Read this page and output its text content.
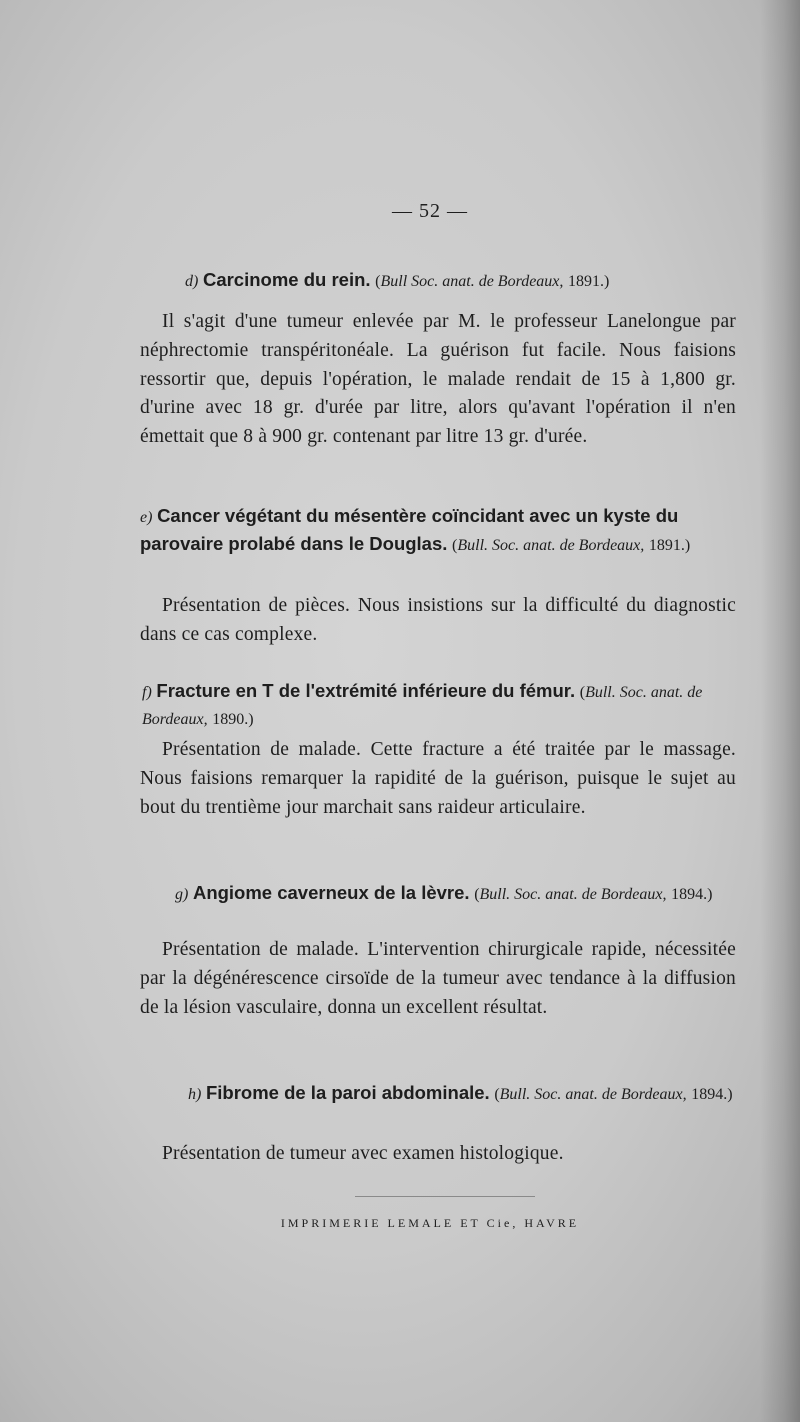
— 52 —
d) Carcinome du rein. (Bull Soc. anat. de Bordeaux, 1891.)
Il s'agit d'une tumeur enlevée par M. le professeur Lanelongue par néphrectomie transpéritonéale. La guérison fut facile. Nous faisions ressortir que, depuis l'opération, le malade rendait de 15 à 1,800 gr. d'urine avec 18 gr. d'urée par litre, alors qu'avant l'opération il n'en émettait que 8 à 900 gr. contenant par litre 13 gr. d'urée.
e) Cancer végétant du mésentère coïncidant avec un kyste du parovaire prolabé dans le Douglas. (Bull. Soc. anat. de Bordeaux, 1891.)
Présentation de pièces. Nous insistions sur la difficulté du diagnostic dans ce cas complexe.
f) Fracture en T de l'extrémité inférieure du fémur. (Bull. Soc. anat. de Bordeaux, 1890.)
Présentation de malade. Cette fracture a été traitée par le massage. Nous faisions remarquer la rapidité de la guérison, puisque le sujet au bout du trentième jour marchait sans raideur articulaire.
g) Angiome caverneux de la lèvre. (Bull. Soc. anat. de Bordeaux, 1894.)
Présentation de malade. L'intervention chirurgicale rapide, nécessitée par la dégénérescence cirsoïde de la tumeur avec tendance à la diffusion de la lésion vasculaire, donna un excellent résultat.
h) Fibrome de la paroi abdominale. (Bull. Soc. anat. de Bordeaux, 1894.)
Présentation de tumeur avec examen histologique.
IMPRIMERIE LEMALE ET Cie, HAVRE
